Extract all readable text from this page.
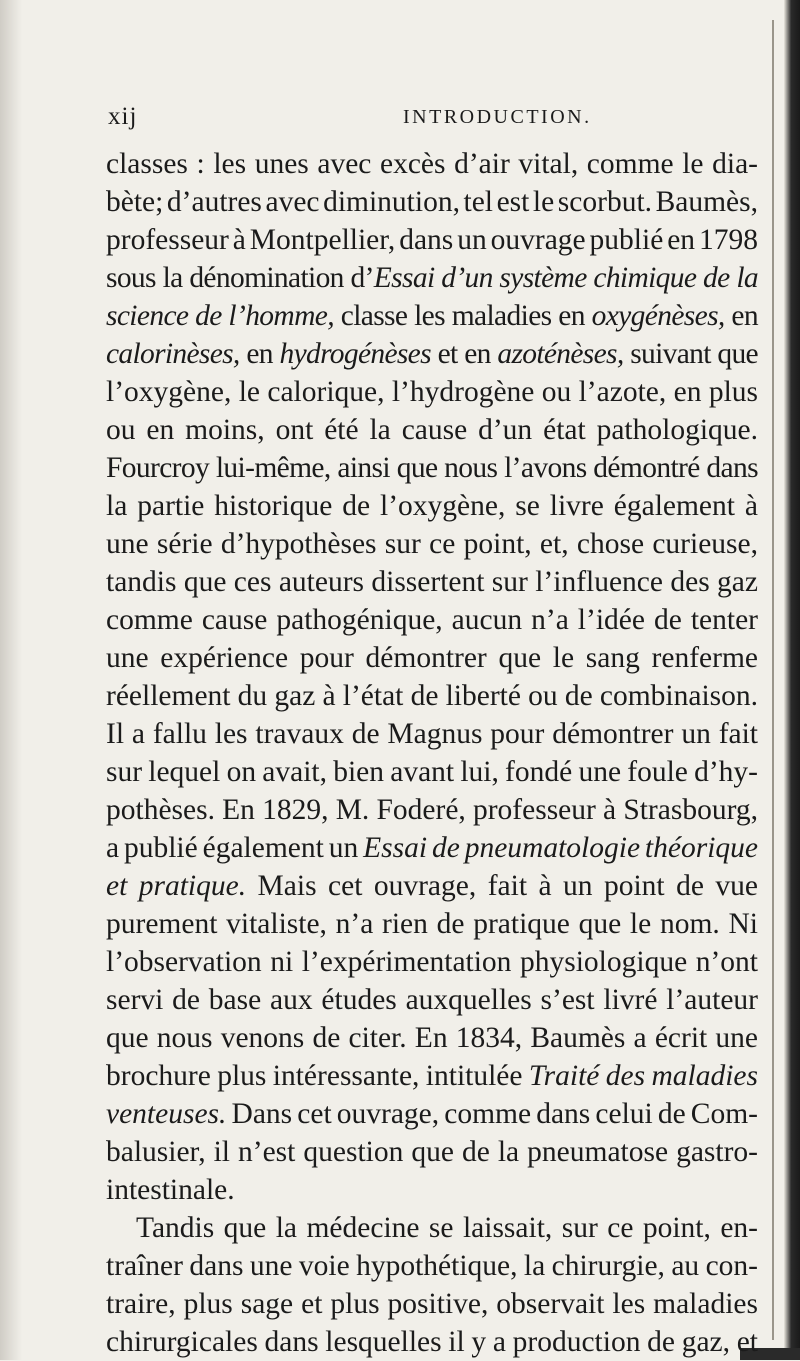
xij	INTRODUCTION.
classes : les unes avec excès d’air vital, comme le dia-
bète; d’autres avec diminution, tel est le scorbut. Baumès,
professeur à Montpellier, dans un ouvrage publié en 1798
sous la dénomination d’Essai d’un système chimique de la
science de l’homme, classe les maladies en oxygénèses, en
calorinèses, en hydrogénèses et en azoténèses, suivant que
l’oxygène, le calorique, l’hydrogène ou l’azote, en plus
ou en moins, ont été la cause d’un état pathologique.
Fourcroy lui-même, ainsi que nous l’avons démontré dans
la partie historique de l’oxygène, se livre également à
une série d’hypothèses sur ce point, et, chose curieuse,
tandis que ces auteurs dissertent sur l’influence des gaz
comme cause pathogénique, aucun n’a l’idée de tenter
une expérience pour démontrer que le sang renferme
réellement du gaz à l’état de liberté ou de combinaison.
Il a fallu les travaux de Magnus pour démontrer un fait
sur lequel on avait, bien avant lui, fondé une foule d’hy-
pothèses. En 1829, M. Foderé, professeur à Strasbourg,
a publié également un Essai de pneumatologie théorique
et pratique. Mais cet ouvrage, fait à un point de vue
purement vitaliste, n’a rien de pratique que le nom. Ni
l’observation ni l’expérimentation physiologique n’ont
servi de base aux études auxquelles s’est livré l’auteur
que nous venons de citer. En 1834, Baumès a écrit une
brochure plus intéressante, intitulée Traité des maladies
venteuses. Dans cet ouvrage, comme dans celui de Com-
balusier, il n’est question que de la pneumatose gastro-
intestinale.
Tandis que la médecine se laissait, sur ce point, en-
traîner dans une voie hypothétique, la chirurgie, au con-
traire, plus sage et plus positive, observait les maladies
chirurgicales dans lesquelles il y a production de gaz, et
